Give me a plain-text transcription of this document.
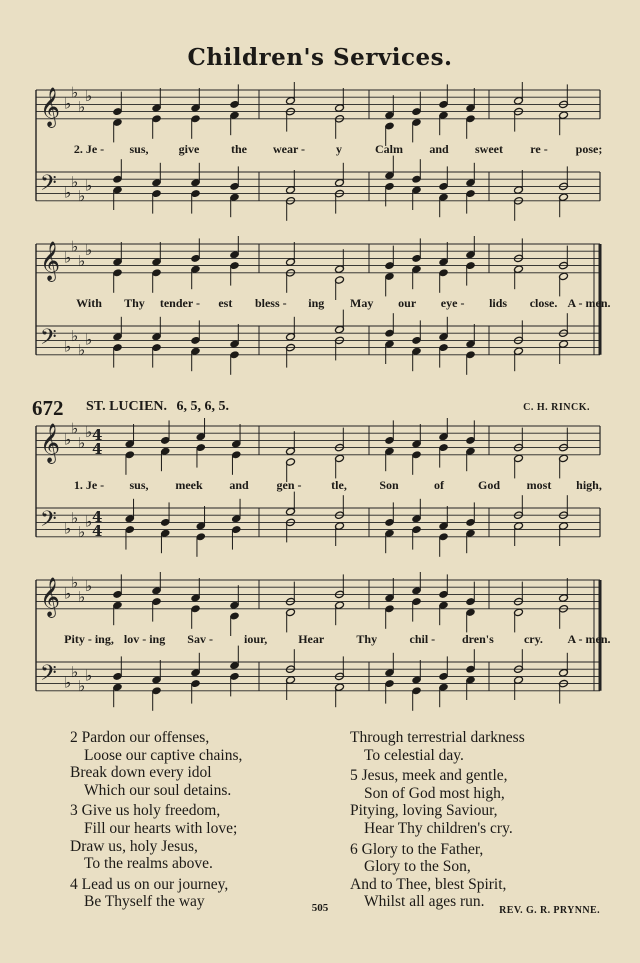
Children's Services.
𝄞
𝄢
♭
♭
♭
♭
♭
♭
♭
♭
2. Je - sus,	give	the wear -	y	Calm and sweet re - pose;
𝄞
𝄢
♭
♭
♭
♭
♭
♭
♭
♭
With Thy tender - est bless - ing May our eye - lids close. A - men.
672 ST. LUCIEN. 6, 5, 6, 5.	C. H. RINCK.
𝄞
𝄢
♭
♭
♭
♭
♭
♭
♭
♭
4
4
4
4
1. Je - sus, meek and gen - tle,	Son	of	God most high,
𝄞
𝄢
♭
♭
♭
♭
♭
♭
♭
♭
Pity - ing, lov - ing Sav -	iour,	Hear	Thy	chil - dren's	cry. A - men.
2 Pardon our offenses,
Loose our captive chains,
Break down every idol
Which our soul detains.
3 Give us holy freedom,
Fill our hearts with love;
Draw us, holy Jesus,
To the realms above.
4 Lead us on our journey,
Be Thyself the way
Through terrestrial darkness
To celestial day.
5 Jesus, meek and gentle,
Son of God most high,
Pitying, loving Saviour,
Hear Thy children's cry.
6 Glory to the Father,
Glory to the Son,
And to Thee, blest Spirit,
Whilst all ages run.
505	REV. G. R. PRYNNE.
